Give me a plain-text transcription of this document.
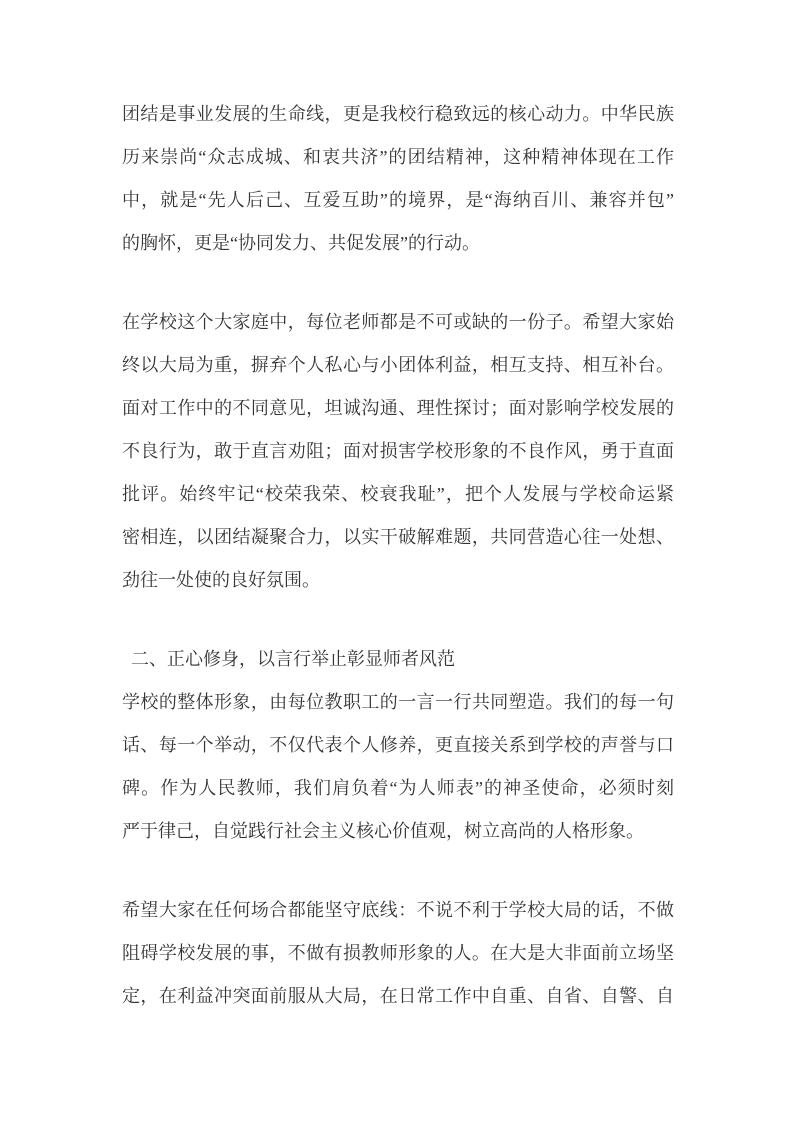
团结是事业发展的生命线，更是我校行稳致远的核心动力。中华民族
历来崇尚“众志成城、和衷共济”的团结精神，这种精神体现在工作
中，就是“先人后己、互爱互助”的境界，是“海纳百川、兼容并包”
的胸怀，更是“协同发力、共促发展”的行动。
在学校这个大家庭中，每位老师都是不可或缺的一份子。希望大家始
终以大局为重，摒弃个人私心与小团体利益，相互支持、相互补台。
面对工作中的不同意见，坦诚沟通、理性探讨；面对影响学校发展的
不良行为，敢于直言劝阻；面对损害学校形象的不良作风，勇于直面
批评。始终牢记“校荣我荣、校衰我耻”，把个人发展与学校命运紧
密相连，以团结凝聚合力，以实干破解难题，共同营造心往一处想、
劲往一处使的良好氛围。
二、正心修身，以言行举止彰显师者风范
学校的整体形象，由每位教职工的一言一行共同塑造。我们的每一句
话、每一个举动，不仅代表个人修养，更直接关系到学校的声誉与口
碑。作为人民教师，我们肩负着“为人师表”的神圣使命，必须时刻
严于律己，自觉践行社会主义核心价值观，树立高尚的人格形象。
希望大家在任何场合都能坚守底线：不说不利于学校大局的话，不做
阻碍学校发展的事，不做有损教师形象的人。在大是大非面前立场坚
定，在利益冲突面前服从大局，在日常工作中自重、自省、自警、自
